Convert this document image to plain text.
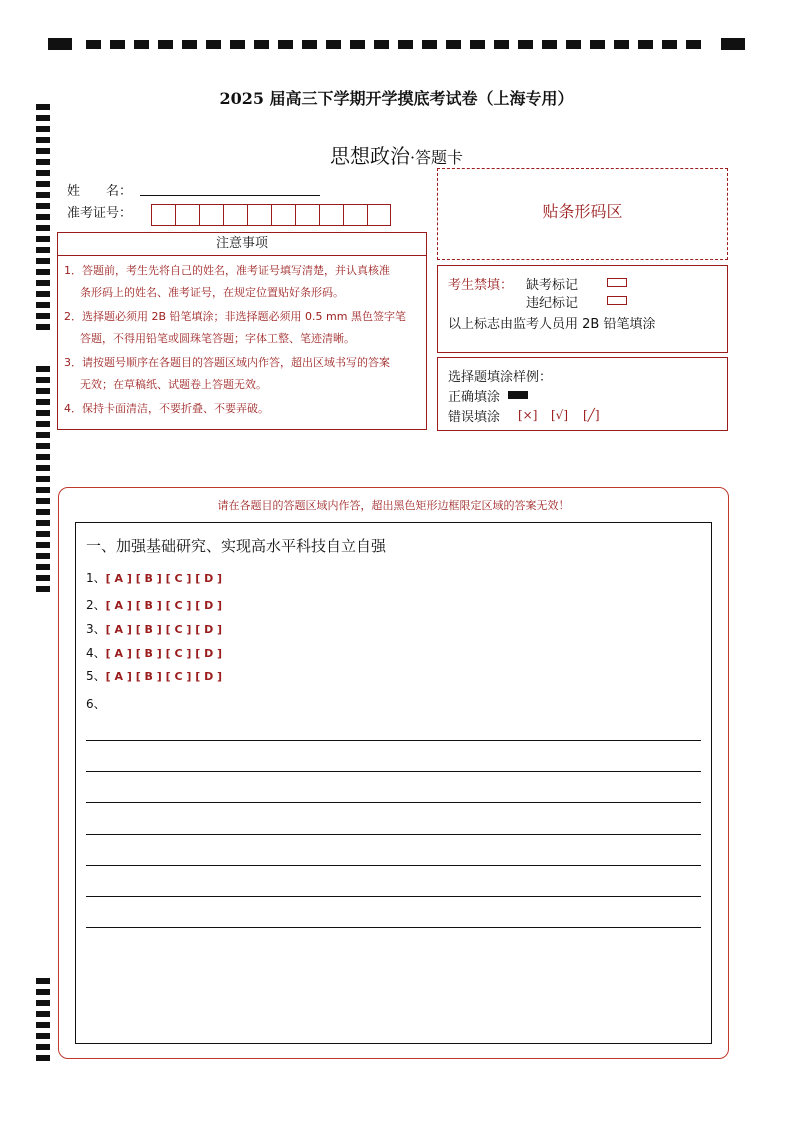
2025 届高三下学期开学摸底考试卷（上海专用）
思想政治·答题卡
姓　　名：
准考证号：
注意事项
1．答题前，考生先将自己的姓名，准考证号填写清楚，并认真核准
条形码上的姓名、准考证号，在规定位置贴好条形码。
2．选择题必须用 2B 铅笔填涂；非选择题必须用 0.5 mm 黑色签字笔
答题，不得用铅笔或圆珠笔答题；字体工整、笔迹清晰。
3．请按题号顺序在各题目的答题区域内作答，超出区域书写的答案
无效；在草稿纸、试题卷上答题无效。
4．保持卡面清洁，不要折叠、不要弄破。
贴条形码区
考生禁填： 缺考标记
违纪标记
以上标志由监考人员用 2B 铅笔填涂
选择题填涂样例：
正确填涂
错误填涂 [×] [√] [╱]
请在各题目的答题区域内作答，超出黑色矩形边框限定区域的答案无效！
一、加强基础研究、实现高水平科技自立自强
1、[ A ] [ B ] [ C ] [ D ]
2、[ A ] [ B ] [ C ] [ D ]
3、[ A ] [ B ] [ C ] [ D ]
4、[ A ] [ B ] [ C ] [ D ]
5、[ A ] [ B ] [ C ] [ D ]
6、
